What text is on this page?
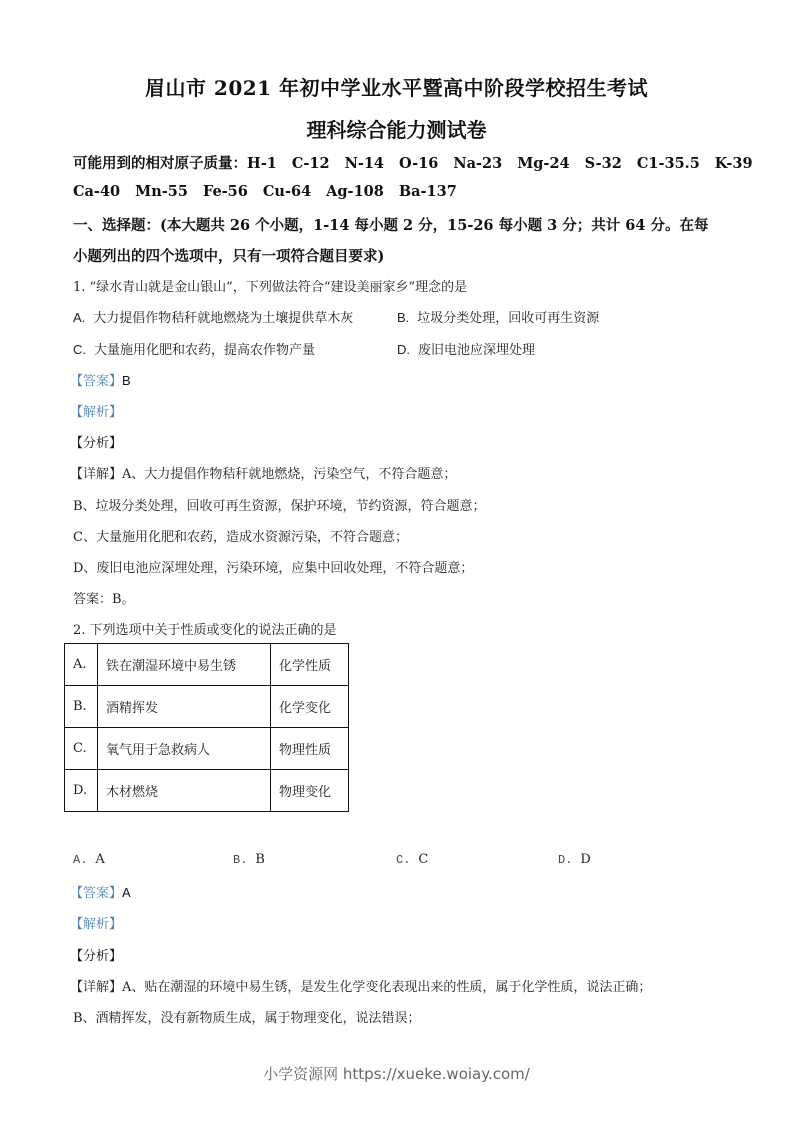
眉山市 2021 年初中学业水平暨高中阶段学校招生考试
理科综合能力测试卷
可能用到的相对原子质量：H-1 C-12 N-14 O-16 Na-23 Mg-24 S-32 C1-35.5 K-39
Ca-40 Mn-55 Fe-56 Cu-64 Ag-108 Ba-137
一、选择题：(本大题共 26 个小题，1-14 每小题 2 分，15-26 每小题 3 分；共计 64 分。在每
小题列出的四个选项中，只有一项符合题目要求)
1. “绿水青山就是金山银山”，下列做法符合“建设美丽家乡”理念的是
A. 大力提倡作物秸秆就地燃烧为土壤提供草木灰	B. 垃圾分类处理，回收可再生资源
C. 大量施用化肥和农药，提高农作物产量	D. 废旧电池应深埋处理
【答案】B
【解析】
【分析】
【详解】A、大力提倡作物秸秆就地燃烧，污染空气，不符合题意；
B、垃圾分类处理，回收可再生资源，保护环境，节约资源，符合题意；
C、大量施用化肥和农药，造成水资源污染，不符合题意；
D、废旧电池应深埋处理，污染环境，应集中回收处理，不符合题意；
答案：B。
2. 下列选项中关于性质或变化的说法正确的是
A.	铁在潮湿环境中易生锈	化学性质
B.	酒精挥发	化学变化
C.	氧气用于急救病人	物理性质
D.	木材燃烧	物理变化
A. A	B. B	C. C	D. D
【答案】A
【解析】
【分析】
【详解】A、贴在潮湿的环境中易生锈，是发生化学变化表现出来的性质，属于化学性质，说法正确；
B、酒精挥发，没有新物质生成，属于物理变化，说法错误；
小学资源网 https://xueke.woiay.com/
